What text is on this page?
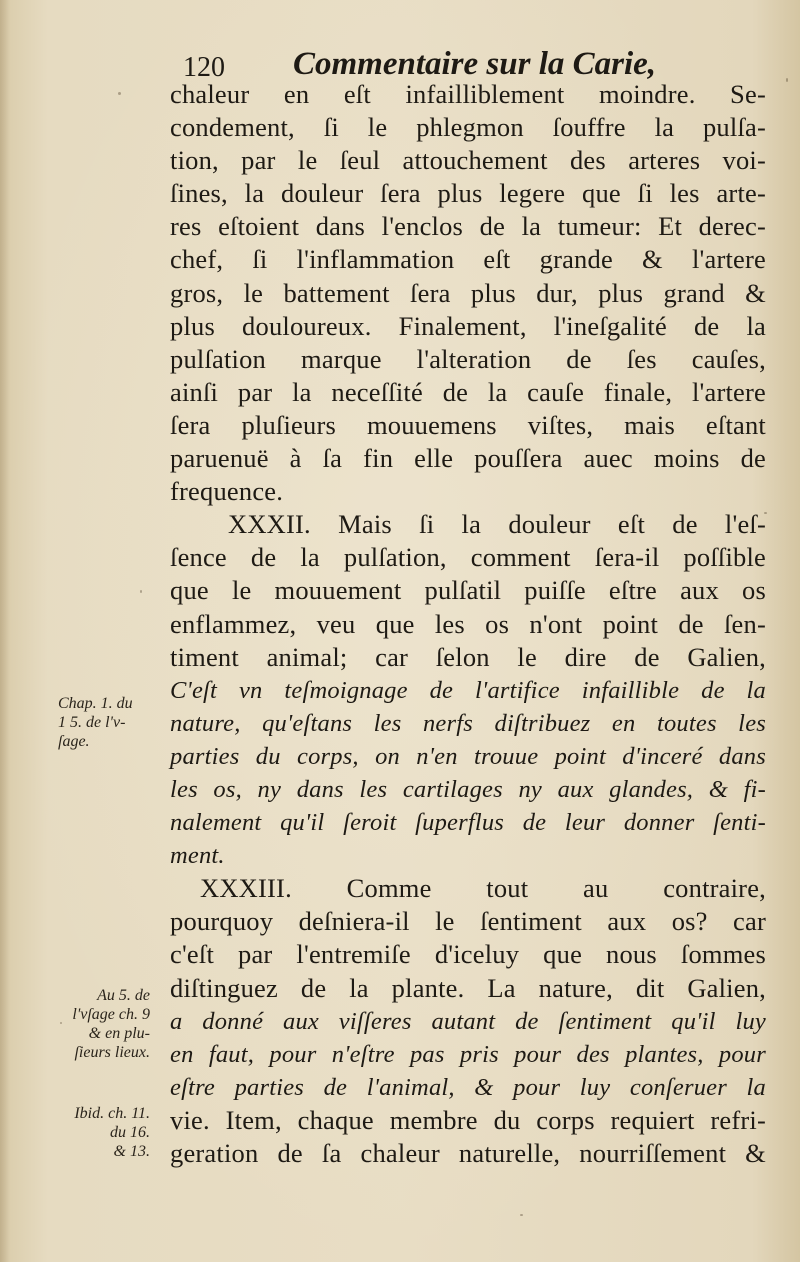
120 Commentaire sur la Carie,
chaleur en eſt infailliblement moindre. Se-
condement, ſi le phlegmon ſouffre la pulſa-
tion, par le ſeul attouchement des arteres voi-
ſines, la douleur ſera plus legere que ſi les arte-
res eſtoient dans l'enclos de la tumeur: Et derec-
chef, ſi l'inflammation eſt grande & l'artere
gros, le battement ſera plus dur, plus grand &
plus douloureux. Finalement, l'ineſgalité de la
pulſation marque l'alteration de ſes cauſes,
ainſi par la neceſſité de la cauſe finale, l'artere
ſera pluſieurs mouuemens viſtes, mais eſtant
paruenuë à ſa fin elle pouſſera auec moins de
frequence.
XXXII. Mais ſi la douleur eſt de l'eſ-
ſence de la pulſation, comment ſera-il poſſible
que le mouuement pulſatil puiſſe eſtre aux os
enflammez, veu que les os n'ont point de ſen-
timent animal; car ſelon le dire de Galien,
C'eſt vn teſmoignage de l'artifice infaillible de la
nature, qu'eſtans les nerfs diſtribuez en toutes les
parties du corps, on n'en trouue point d'inceré dans
les os, ny dans les cartilages ny aux glandes, & fi-
nalement qu'il ſeroit ſuperflus de leur donner ſenti-
ment.
XXXIII. Comme tout au contraire,
pourquoy deſniera-il le ſentiment aux os? car
c'eſt par l'entremiſe d'iceluy que nous ſommes
diſtinguez de la plante. La nature, dit Galien,
a donné aux viſſeres autant de ſentiment qu'il luy
en faut, pour n'eſtre pas pris pour des plantes, pour
eſtre parties de l'animal, & pour luy conſeruer la
vie. Item, chaque membre du corps requiert refri-
geration de ſa chaleur naturelle, nourriſſement &
Chap. 1. du
1 5. de l'v-
ſage.
Au 5. de
l'vſage ch. 9
& en plu-
ſieurs lieux.
Ibid. ch. 11.
du 16.
& 13.
